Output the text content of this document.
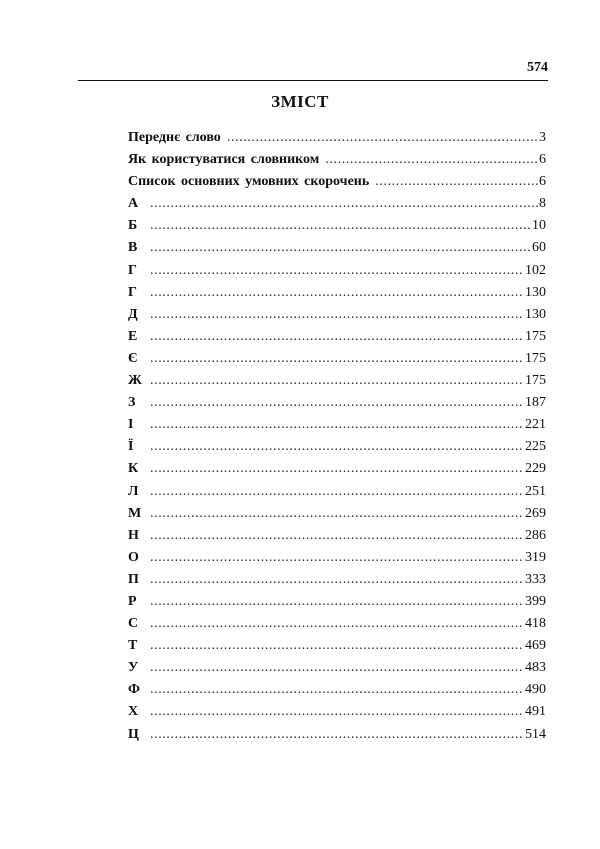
574
ЗМІСТ
Переднє слово .....	3
Як користуватися словником .....	6
Список основних умовних скорочень .....	6
А .....	8
Б .....	10
В .....	60
Г .....	102
Г .....	130
Д .....	130
Е .....	175
Є .....	175
Ж .....	175
З .....	187
І .....	221
Ї .....	225
К .....	229
Л .....	251
М .....	269
Н .....	286
О .....	319
П .....	333
Р .....	399
С .....	418
Т .....	469
У .....	483
Ф .....	490
Х .....	491
Ц .....	514
